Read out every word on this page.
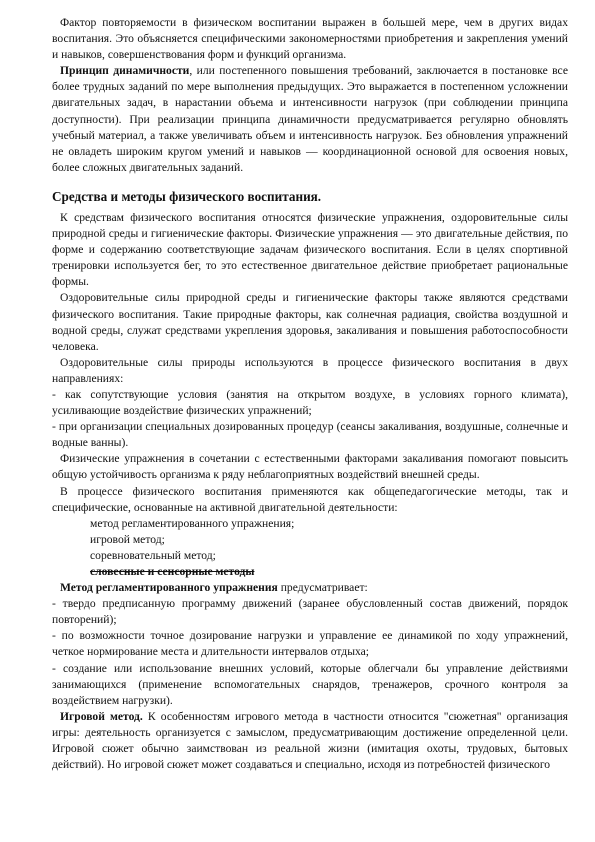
Фактор повторяемости в физическом воспитании выражен в большей мере, чем в других видах воспитания. Это объясняется специфическими закономерностями приобретения и закрепления умений и навыков, совершенствования форм и функций организма.

Принцип динамичности, или постепенного повышения требований, заключается в постановке все более трудных заданий по мере выполнения предыдущих. Это выражается в постепенном усложнении двигательных задач, в нарастании объема и интенсивности нагрузок (при соблюдении принципа доступности). При реализации принципа динамичности предусматривается регулярно обновлять учебный материал, а также увеличивать объем и интенсивность нагрузок. Без обновления упражнений не овладеть широким кругом умений и навыков — координационной основой для освоения новых, более сложных двигательных заданий.

Средства и методы физического воспитания.

К средствам физического воспитания относятся физические упражнения, оздоровительные силы природной среды и гигиенические факторы. Физические упражнения — это двигательные действия, по форме и содержанию соответствующие задачам физического воспитания. Если в целях спортивной тренировки используется бег, то это естественное двигательное действие приобретает рациональные формы.

Оздоровительные силы природной среды и гигиенические факторы также являются средствами физического воспитания. Такие природные факторы, как солнечная радиация, свойства воздушной и водной среды, служат средствами укрепления здоровья, закаливания и повышения работоспособности человека.

Оздоровительные силы природы используются в процессе физического воспитания в двух направлениях:

- как сопутствующие условия (занятия на открытом воздухе, в условиях горного климата), усиливающие воздействие физических упражнений;

- при организации специальных дозированных процедур (сеансы закаливания, воздушные, солнечные и водные ванны).

Физические упражнения в сочетании с естественными факторами закаливания помогают повысить общую устойчивость организма к ряду неблагоприятных воздействий внешней среды.

В процессе физического воспитания применяются как общепедагогические методы, так и специфические, основанные на активной двигательной деятельности:

метод регламентированного упражнения;
игровой метод;
соревновательный метод;
словесные и сенсорные методы

Метод регламентированного упражнения предусматривает:

- твердо предписанную программу движений (заранее обусловленный состав движений, порядок повторений);

- по возможности точное дозирование нагрузки и управление ее динамикой по ходу упражнений, четкое нормирование места и длительности интервалов отдыха;

- создание или использование внешних условий, которые облегчали бы управление действиями занимающихся (применение вспомогательных снарядов, тренажеров, срочного контроля за воздействием нагрузки).

Игровой метод. К особенностям игрового метода в частности относится "сюжетная" организация игры: деятельность организуется с замыслом, предусматривающим достижение определенной цели. Игровой сюжет обычно заимствован из реальной жизни (имитация охоты, трудовых, бытовых действий). Но игровой сюжет может создаваться и специально, исходя из потребностей физического
